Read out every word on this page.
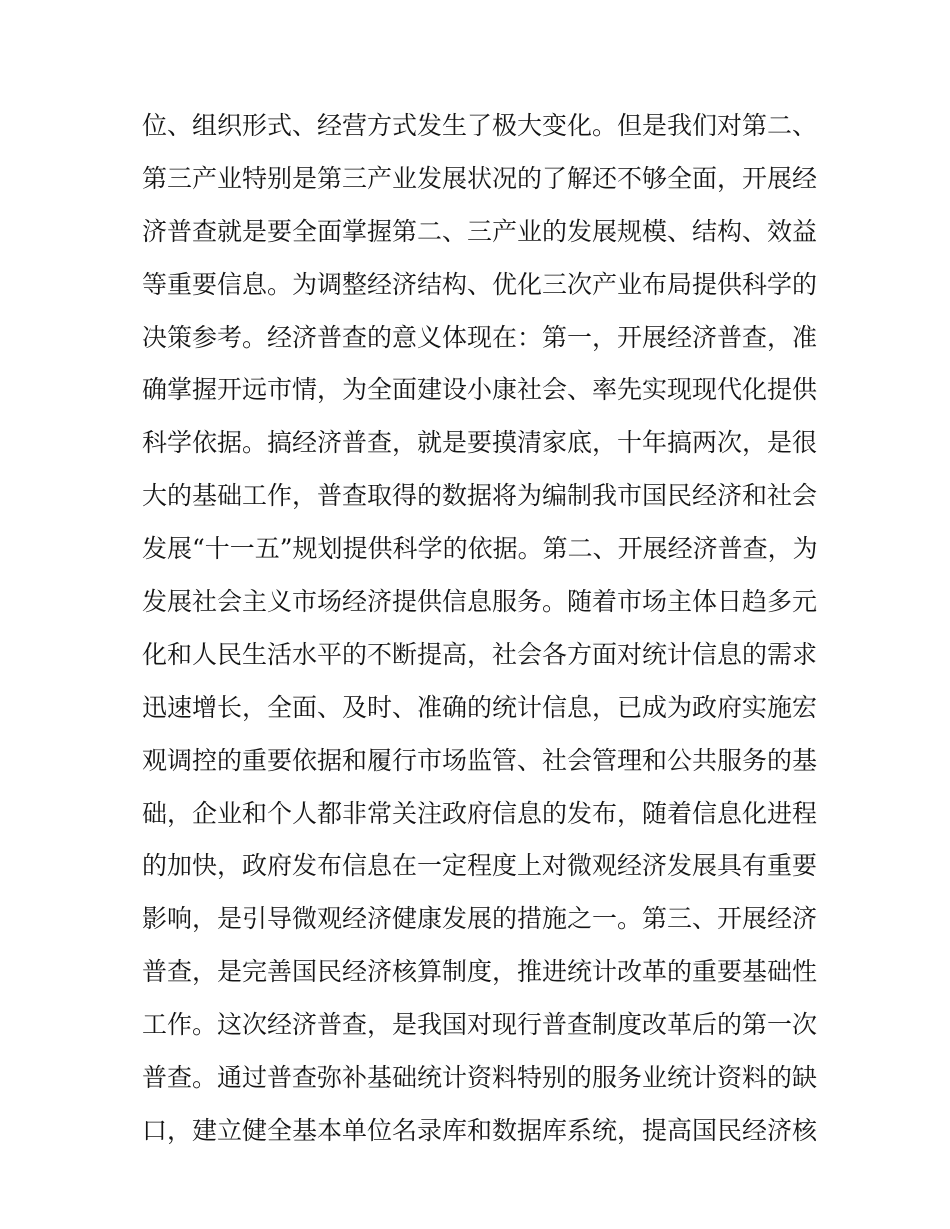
位、组织形式、经营方式发生了极大变化。但是我们对第二、
第三产业特别是第三产业发展状况的了解还不够全面，开展经
济普查就是要全面掌握第二、三产业的发展规模、结构、效益
等重要信息。为调整经济结构、优化三次产业布局提供科学的
决策参考。经济普查的意义体现在：第一，开展经济普查，准
确掌握开远市情，为全面建设小康社会、率先实现现代化提供
科学依据。搞经济普查，就是要摸清家底，十年搞两次，是很
大的基础工作，普查取得的数据将为编制我市国民经济和社会
发展“十一五”规划提供科学的依据。第二、开展经济普查，为
发展社会主义市场经济提供信息服务。随着市场主体日趋多元
化和人民生活水平的不断提高，社会各方面对统计信息的需求
迅速增长，全面、及时、准确的统计信息，已成为政府实施宏
观调控的重要依据和履行市场监管、社会管理和公共服务的基
础，企业和个人都非常关注政府信息的发布，随着信息化进程
的加快，政府发布信息在一定程度上对微观经济发展具有重要
影响，是引导微观经济健康发展的措施之一。第三、开展经济
普查，是完善国民经济核算制度，推进统计改革的重要基础性
工作。这次经济普查，是我国对现行普查制度改革后的第一次
普查。通过普查弥补基础统计资料特别的服务业统计资料的缺
口，建立健全基本单位名录库和数据库系统，提高国民经济核
